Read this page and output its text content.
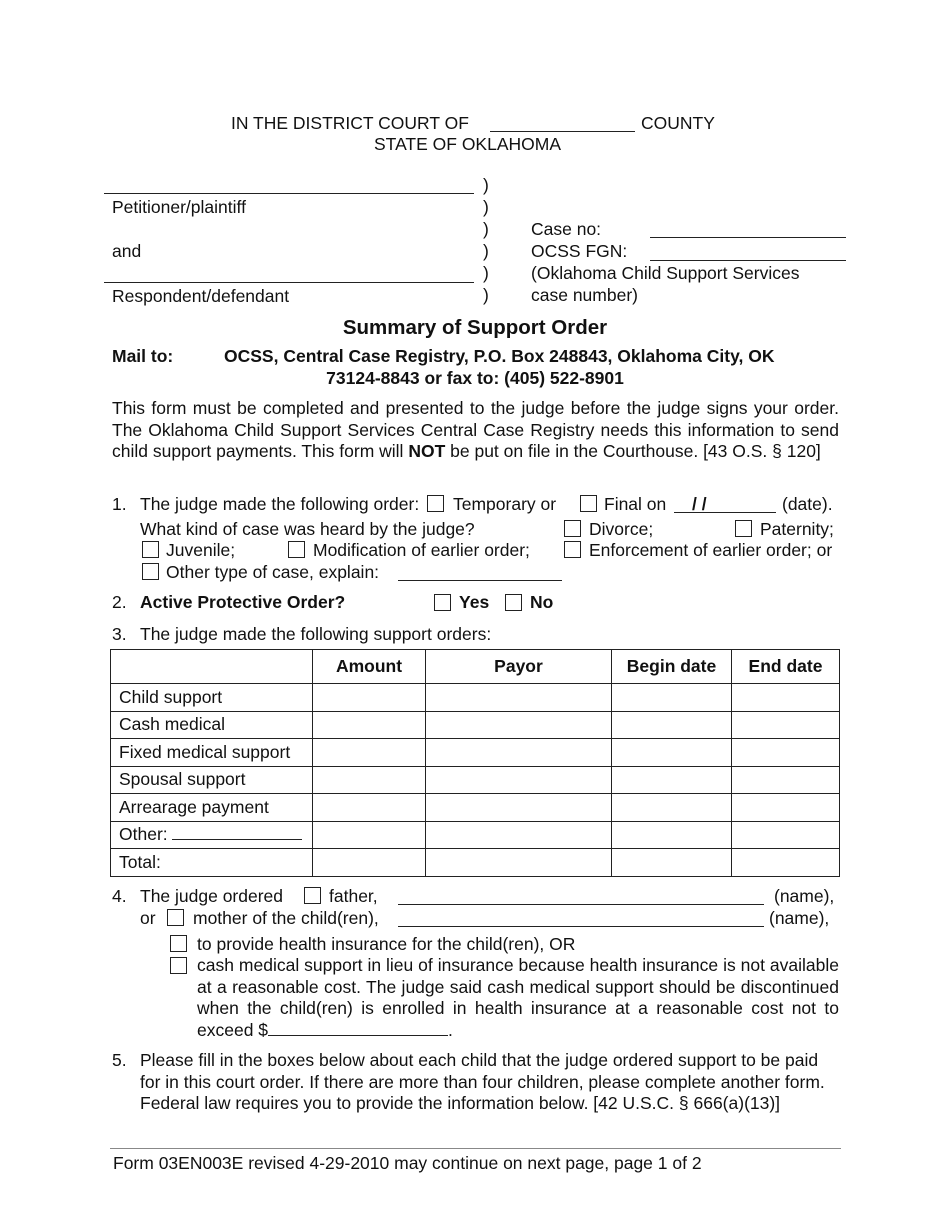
IN THE DISTRICT COURT OF	COUNTY
STATE OF OKLAHOMA
Petitioner/plaintiff
and
Respondent/defendant
)
)
)
)
)
)
Case no:
OCSS FGN:
(Oklahoma Child Support Services
case number)
Summary of Support Order
Mail to:	OCSS, Central Case Registry, P.O. Box 248843, Oklahoma City, OK
73124-8843 or fax to: (405) 522-8901
This form must be completed and presented to the judge before the judge signs your order. The Oklahoma Child Support Services Central Case Registry needs this information to send child support payments. This form will NOT be put on file in the Courthouse. [43 O.S. § 120]
1. The judge made the following order: Temporary or	Final on / /	(date).
What kind of case was heard by the judge?	Divorce;	Paternity;
Juvenile;	Modification of earlier order;	Enforcement of earlier order; or
Other type of case, explain:
2. Active Protective Order?	Yes No
3. The judge made the following support orders:
	Amount	Payor	Begin date	End date
Child support				
Cash medical				
Fixed medical support				
Spousal support				
Arrearage payment				
Other:				
Total:				
4. The judge ordered	father,	(name),
or mother of the child(ren),	(name),
to provide health insurance for the child(ren), OR
cash medical support in lieu of insurance because health insurance is not available at a reasonable cost. The judge said cash medical support should be discontinued when the child(ren) is enrolled in health insurance at a reasonable cost not to exceed $	.
5. Please fill in the boxes below about each child that the judge ordered support to be paid for in this court order. If there are more than four children, please complete another form. Federal law requires you to provide the information below. [42 U.S.C. § 666(a)(13)]
Form 03EN003E revised 4-29-2010 may continue on next page, page 1 of 2
